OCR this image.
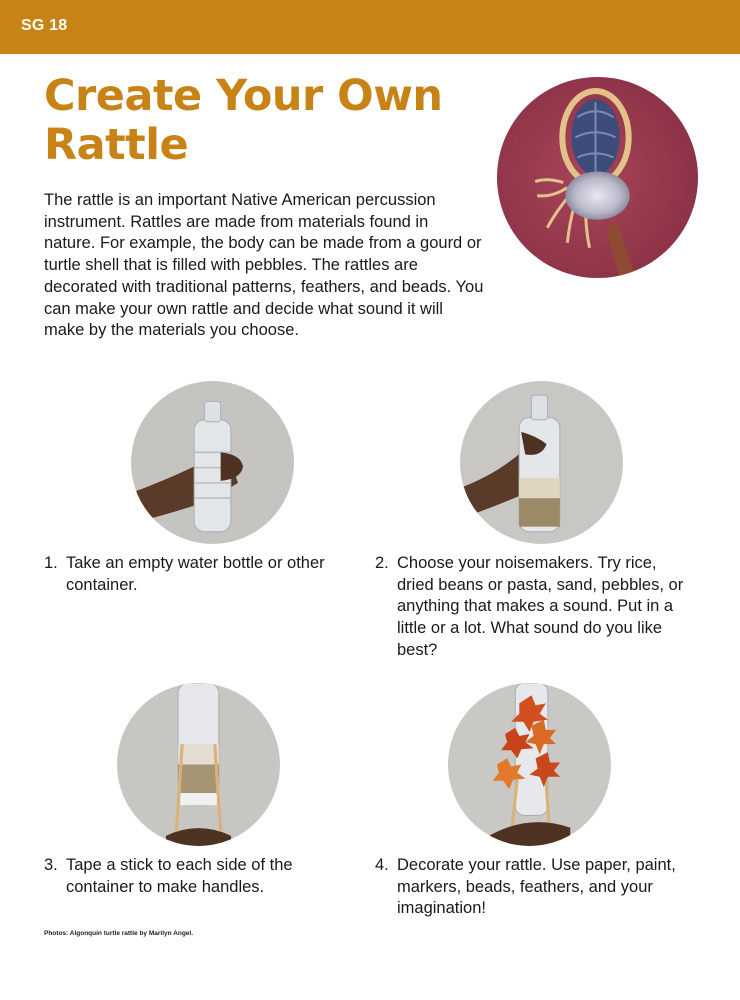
SG 18
Create Your Own Rattle

The rattle is an important Native American percussion instrument. Rattles are made from materials found in nature. For example, the body can be made from a gourd or turtle shell that is filled with pebbles. The rattles are decorated with traditional patterns, feathers, and beads. You can make your own rattle and decide what sound it will make by the materials you choose.

1. Take an empty water bottle or other container.
2. Choose your noisemakers. Try rice, dried beans or pasta, sand, pebbles, or anything that makes a sound. Put in a little or a lot. What sound do you like best?
3. Tape a stick to each side of the container to make handles.
4. Decorate your rattle. Use paper, paint, markers, beads, feathers, and your imagination!
Photos: Algonquin turtle rattle by Marilyn Angel.
